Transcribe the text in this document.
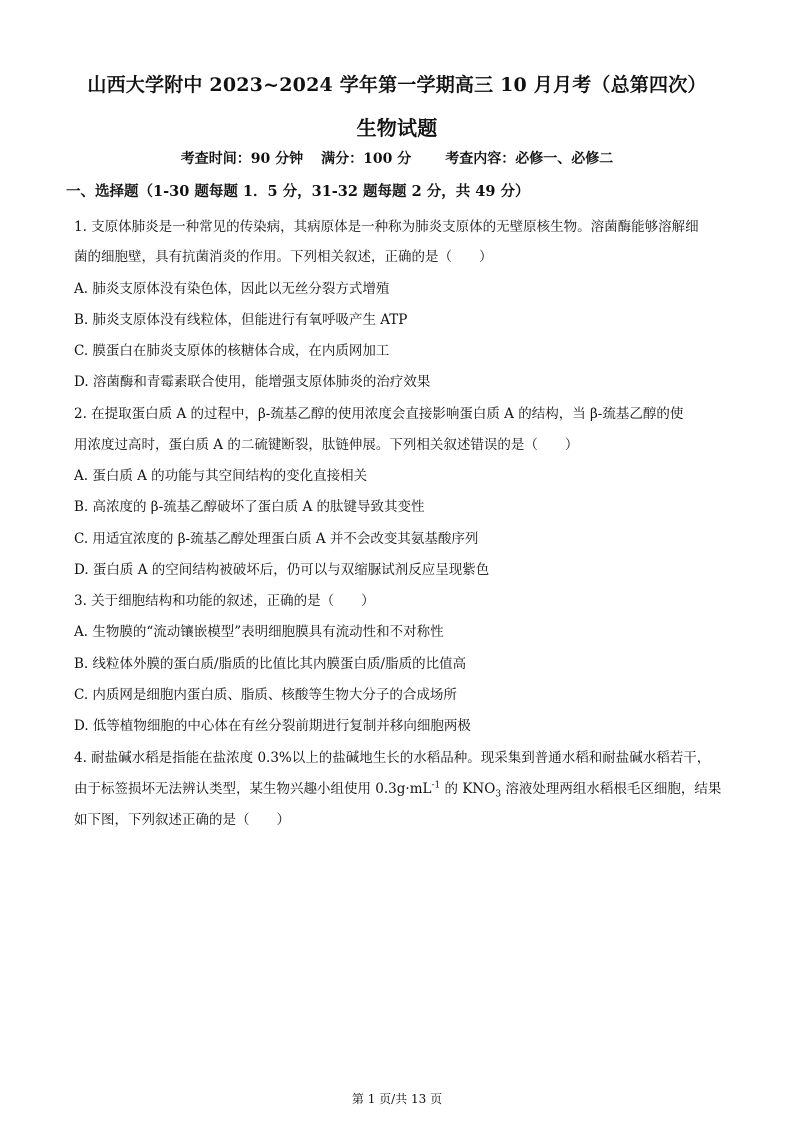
山西大学附中 2023~2024 学年第一学期高三 10 月月考（总第四次）
生物试题
考查时间：90 分钟 满分：100 分 考查内容：必修一、必修二
一、选择题（1-30 题每题 1．5 分，31-32 题每题 2 分，共 49 分）
1. 支原体肺炎是一种常见的传染病，其病原体是一种称为肺炎支原体的无壁原核生物。溶菌酶能够溶解细
菌的细胞壁，具有抗菌消炎的作用。下列相关叙述，正确的是（　　）
A. 肺炎支原体没有染色体，因此以无丝分裂方式增殖
B. 肺炎支原体没有线粒体，但能进行有氧呼吸产生 ATP
C. 膜蛋白在肺炎支原体的核糖体合成，在内质网加工
D. 溶菌酶和青霉素联合使用，能增强支原体肺炎的治疗效果
2. 在提取蛋白质 A 的过程中，β-巯基乙醇的使用浓度会直接影响蛋白质 A 的结构，当 β-巯基乙醇的使
用浓度过高时，蛋白质 A 的二硫键断裂，肽链伸展。下列相关叙述错误的是（　　）
A. 蛋白质 A 的功能与其空间结构的变化直接相关
B. 高浓度的 β-巯基乙醇破坏了蛋白质 A 的肽键导致其变性
C. 用适宜浓度的 β-巯基乙醇处理蛋白质 A 并不会改变其氨基酸序列
D. 蛋白质 A 的空间结构被破坏后，仍可以与双缩脲试剂反应呈现紫色
3. 关于细胞结构和功能的叙述，正确的是（　　）
A. 生物膜的“流动镶嵌模型”表明细胞膜具有流动性和不对称性
B. 线粒体外膜的蛋白质/脂质的比值比其内膜蛋白质/脂质的比值高
C. 内质网是细胞内蛋白质、脂质、核酸等生物大分子的合成场所
D. 低等植物细胞的中心体在有丝分裂前期进行复制并移向细胞两极
4. 耐盐碱水稻是指能在盐浓度 0.3%以上的盐碱地生长的水稻品种。现采集到普通水稻和耐盐碱水稻若干，
由于标签损坏无法辨认类型，某生物兴趣小组使用 $0.3g\cdot mL^{-1}$ 的 $KNO_3$ 溶液处理两组水稻根毛区细胞，结果
如下图，下列叙述正确的是（　　）
第 1 页/共 13 页
